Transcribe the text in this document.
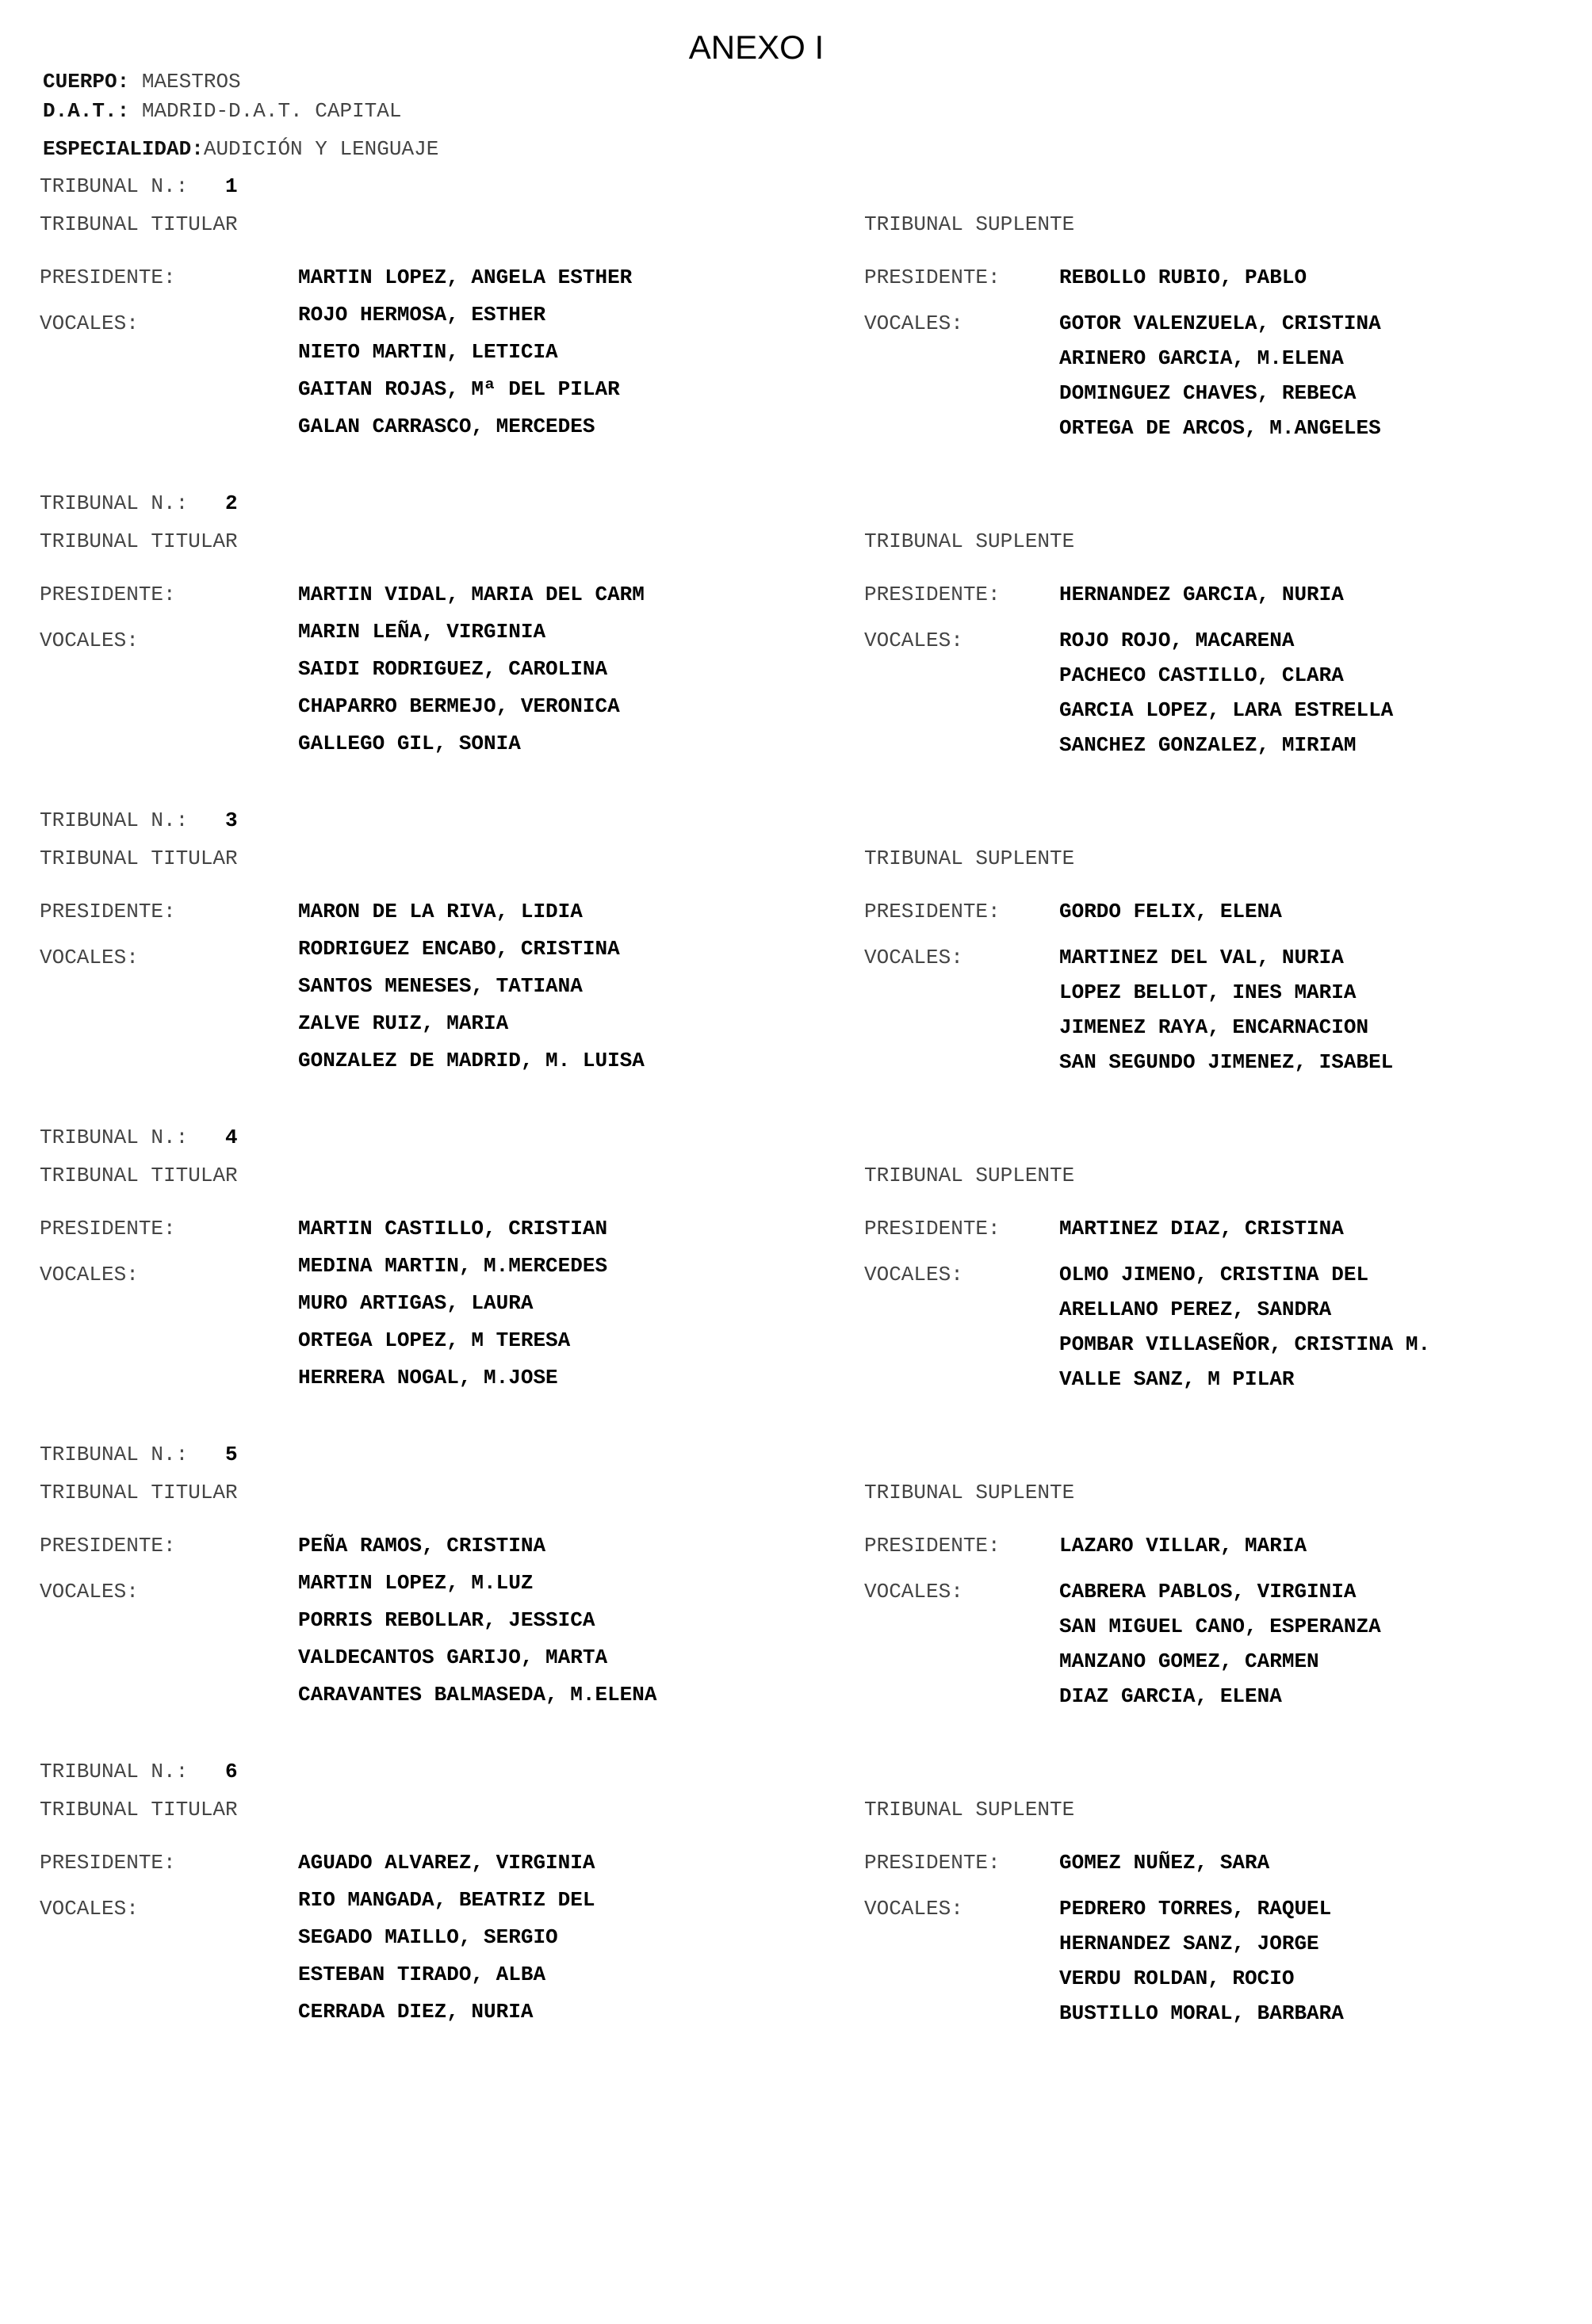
ANEXO I
CUERPO: MAESTROS
D.A.T.: MADRID-D.A.T. CAPITAL
ESPECIALIDAD:AUDICIÓN Y LENGUAJE
TRIBUNAL N.: 1
TRIBUNAL TITULAR	TRIBUNAL SUPLENTE
PRESIDENTE:	MARTIN LOPEZ, ANGELA ESTHER
VOCALES:	ROJO HERMOSA, ESTHER
NIETO MARTIN, LETICIA
GAITAN ROJAS, Mª DEL PILAR
GALAN CARRASCO, MERCEDES
PRESIDENTE:	REBOLLO RUBIO, PABLO
VOCALES:	GOTOR VALENZUELA, CRISTINA
ARINERO GARCIA, M.ELENA
DOMINGUEZ CHAVES, REBECA
ORTEGA DE ARCOS, M.ANGELES
TRIBUNAL N.: 2
TRIBUNAL TITULAR	TRIBUNAL SUPLENTE
PRESIDENTE:	MARTIN VIDAL, MARIA DEL CARM
VOCALES:	MARIN LEÑA, VIRGINIA
SAIDI RODRIGUEZ, CAROLINA
CHAPARRO BERMEJO, VERONICA
GALLEGO GIL, SONIA
PRESIDENTE:	HERNANDEZ GARCIA, NURIA
VOCALES:	ROJO ROJO, MACARENA
PACHECO CASTILLO, CLARA
GARCIA LOPEZ, LARA ESTRELLA
SANCHEZ GONZALEZ, MIRIAM
TRIBUNAL N.: 3
TRIBUNAL TITULAR	TRIBUNAL SUPLENTE
PRESIDENTE:	MARON DE LA RIVA, LIDIA
VOCALES:	RODRIGUEZ ENCABO, CRISTINA
SANTOS MENESES, TATIANA
ZALVE RUIZ, MARIA
GONZALEZ DE MADRID, M. LUISA
PRESIDENTE:	GORDO FELIX, ELENA
VOCALES:	MARTINEZ DEL VAL, NURIA
LOPEZ BELLOT, INES MARIA
JIMENEZ RAYA, ENCARNACION
SAN SEGUNDO JIMENEZ, ISABEL
TRIBUNAL N.: 4
TRIBUNAL TITULAR	TRIBUNAL SUPLENTE
PRESIDENTE:	MARTIN CASTILLO, CRISTIAN
VOCALES:	MEDINA MARTIN, M.MERCEDES
MURO ARTIGAS, LAURA
ORTEGA LOPEZ, M TERESA
HERRERA NOGAL, M.JOSE
PRESIDENTE:	MARTINEZ DIAZ, CRISTINA
VOCALES:	OLMO JIMENO, CRISTINA DEL
ARELLANO PEREZ, SANDRA
POMBAR VILLASEÑOR, CRISTINA M.
VALLE SANZ, M PILAR
TRIBUNAL N.: 5
TRIBUNAL TITULAR	TRIBUNAL SUPLENTE
PRESIDENTE:	PEÑA RAMOS, CRISTINA
VOCALES:	MARTIN LOPEZ, M.LUZ
PORRIS REBOLLAR, JESSICA
VALDECANTOS GARIJO, MARTA
CARAVANTES BALMASEDA, M.ELENA
PRESIDENTE:	LAZARO VILLAR, MARIA
VOCALES:	CABRERA PABLOS, VIRGINIA
SAN MIGUEL CANO, ESPERANZA
MANZANO GOMEZ, CARMEN
DIAZ GARCIA, ELENA
TRIBUNAL N.: 6
TRIBUNAL TITULAR	TRIBUNAL SUPLENTE
PRESIDENTE:	AGUADO ALVAREZ, VIRGINIA
VOCALES:	RIO MANGADA, BEATRIZ DEL
SEGADO MAILLO, SERGIO
ESTEBAN TIRADO, ALBA
CERRADA DIEZ, NURIA
PRESIDENTE:	GOMEZ NUÑEZ, SARA
VOCALES:	PEDRERO TORRES, RAQUEL
HERNANDEZ SANZ, JORGE
VERDU ROLDAN, ROCIO
BUSTILLO MORAL, BARBARA
